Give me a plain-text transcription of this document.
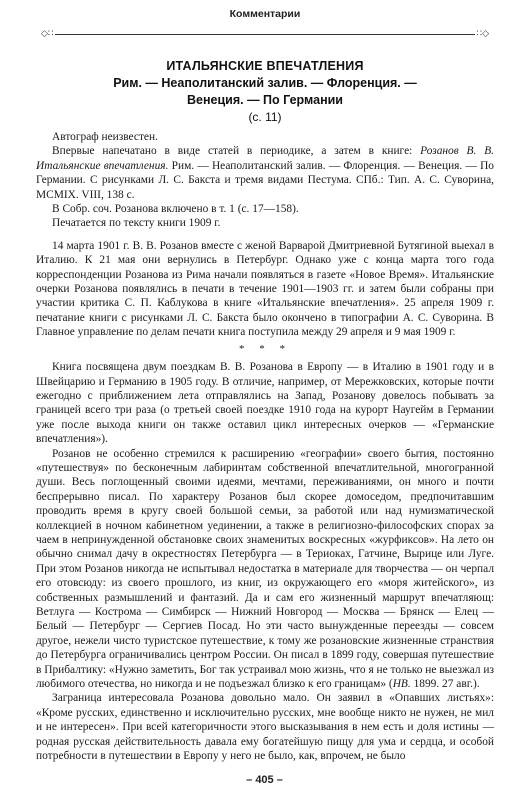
Комментарии
◇∷	∷◇
ИТАЛЬЯНСКИЕ ВПЕЧАТЛЕНИЯ
Рим. — Неаполитанский залив. — Флоренция. —
Венеция. — По Германии
(с. 11)

Автограф неизвестен.

Впервые напечатано в виде статей в периодике, а затем в книге: Розанов В. В. Итальянские впечатления. Рим. — Неаполитанский залив. — Флоренция. — Венеция. — По Германии. С рисунками Л. С. Бакста и тремя видами Пестума. СПб.: Тип. А. С. Суворина, MCMIX. VIII, 138 с.

В Собр. соч. Розанова включено в т. 1 (с. 17—158).

Печатается по тексту книги 1909 г.

14 марта 1901 г. В. В. Розанов вместе с женой Варварой Дмитриевной Бутягиной выехал в Италию. К 21 мая они вернулись в Петербург. Однако уже с конца марта того года корреспонденции Розанова из Рима начали появляться в газете «Новое Время». Итальянские очерки Розанова появлялись в печати в течение 1901—1903 гг. и затем были собраны при участии критика С. П. Каблукова в книге «Итальянские впечатления». 25 апреля 1909 г. печатание книги с рисунками Л. С. Бакста было окончено в типографии А. С. Суворина. В Главное управление по делам печати книга поступила между 29 апреля и 9 мая 1909 г.

* * *

Книга посвящена двум поездкам В. В. Розанова в Европу — в Италию в 1901 году и в Швейцарию и Германию в 1905 году. В отличие, например, от Мережковских, которые почти ежегодно с приближением лета отправлялись на Запад, Розанову довелось побывать за границей всего три раза (о третьей своей поездке 1910 года на курорт Наугейм в Германии уже после выхода книги он также оставил цикл интересных очерков — «Германские впечатления»).

Розанов не особенно стремился к расширению «географии» своего бытия, постоянно «путешествуя» по бесконечным лабиринтам собственной впечатлительной, многогранной души. Весь поглощенный своими идеями, мечтами, переживаниями, он много и почти беспрерывно писал. По характеру Розанов был скорее домоседом, предпочитавшим проводить время в кругу своей большой семьи, за работой или над нумизматической коллекцией в ночном кабинетном уединении, а также в религиозно-философских спорах за чаем в непринужденной обстановке своих знаменитых воскресных «журфиксов». На лето он обычно снимал дачу в окрестностях Петербурга — в Териоках, Гатчине, Вырице или Луге. При этом Розанов никогда не испытывал недостатка в материале для творчества — он черпал его отовсюду: из своего прошлого, из книг, из окружающего его «моря житейского», из собственных размышлений и фантазий. Да и сам его жизненный маршрут впечатляющ: Ветлуга — Кострома — Симбирск — Нижний Новгород — Москва — Брянск — Елец — Белый — Петербург — Сергиев Посад. Но эти часто вынужденные переезды — совсем другое, нежели чисто туристское путешествие, к тому же розановские жизненные странствия до Петербурга ограничивались центром России. Он писал в 1899 году, совершая путешествие в Прибалтику: «Нужно заметить, Бог так устраивал мою жизнь, что я не только не выезжал из любимого отечества, но никогда и не подъезжал близко к его границам» (НВ. 1899. 27 авг.).

Заграница интересовала Розанова довольно мало. Он заявил в «Опавших листьях»: «Кроме русских, единственно и исключительно русских, мне вообще никто не нужен, не мил и не интересен». При всей категоричности этого высказывания в нем есть и доля истины — родная русская действительность давала ему богатейшую пищу для ума и сердца, и особой потребности в путешествии в Европу у него не было, как, впрочем, не было

– 405 –
